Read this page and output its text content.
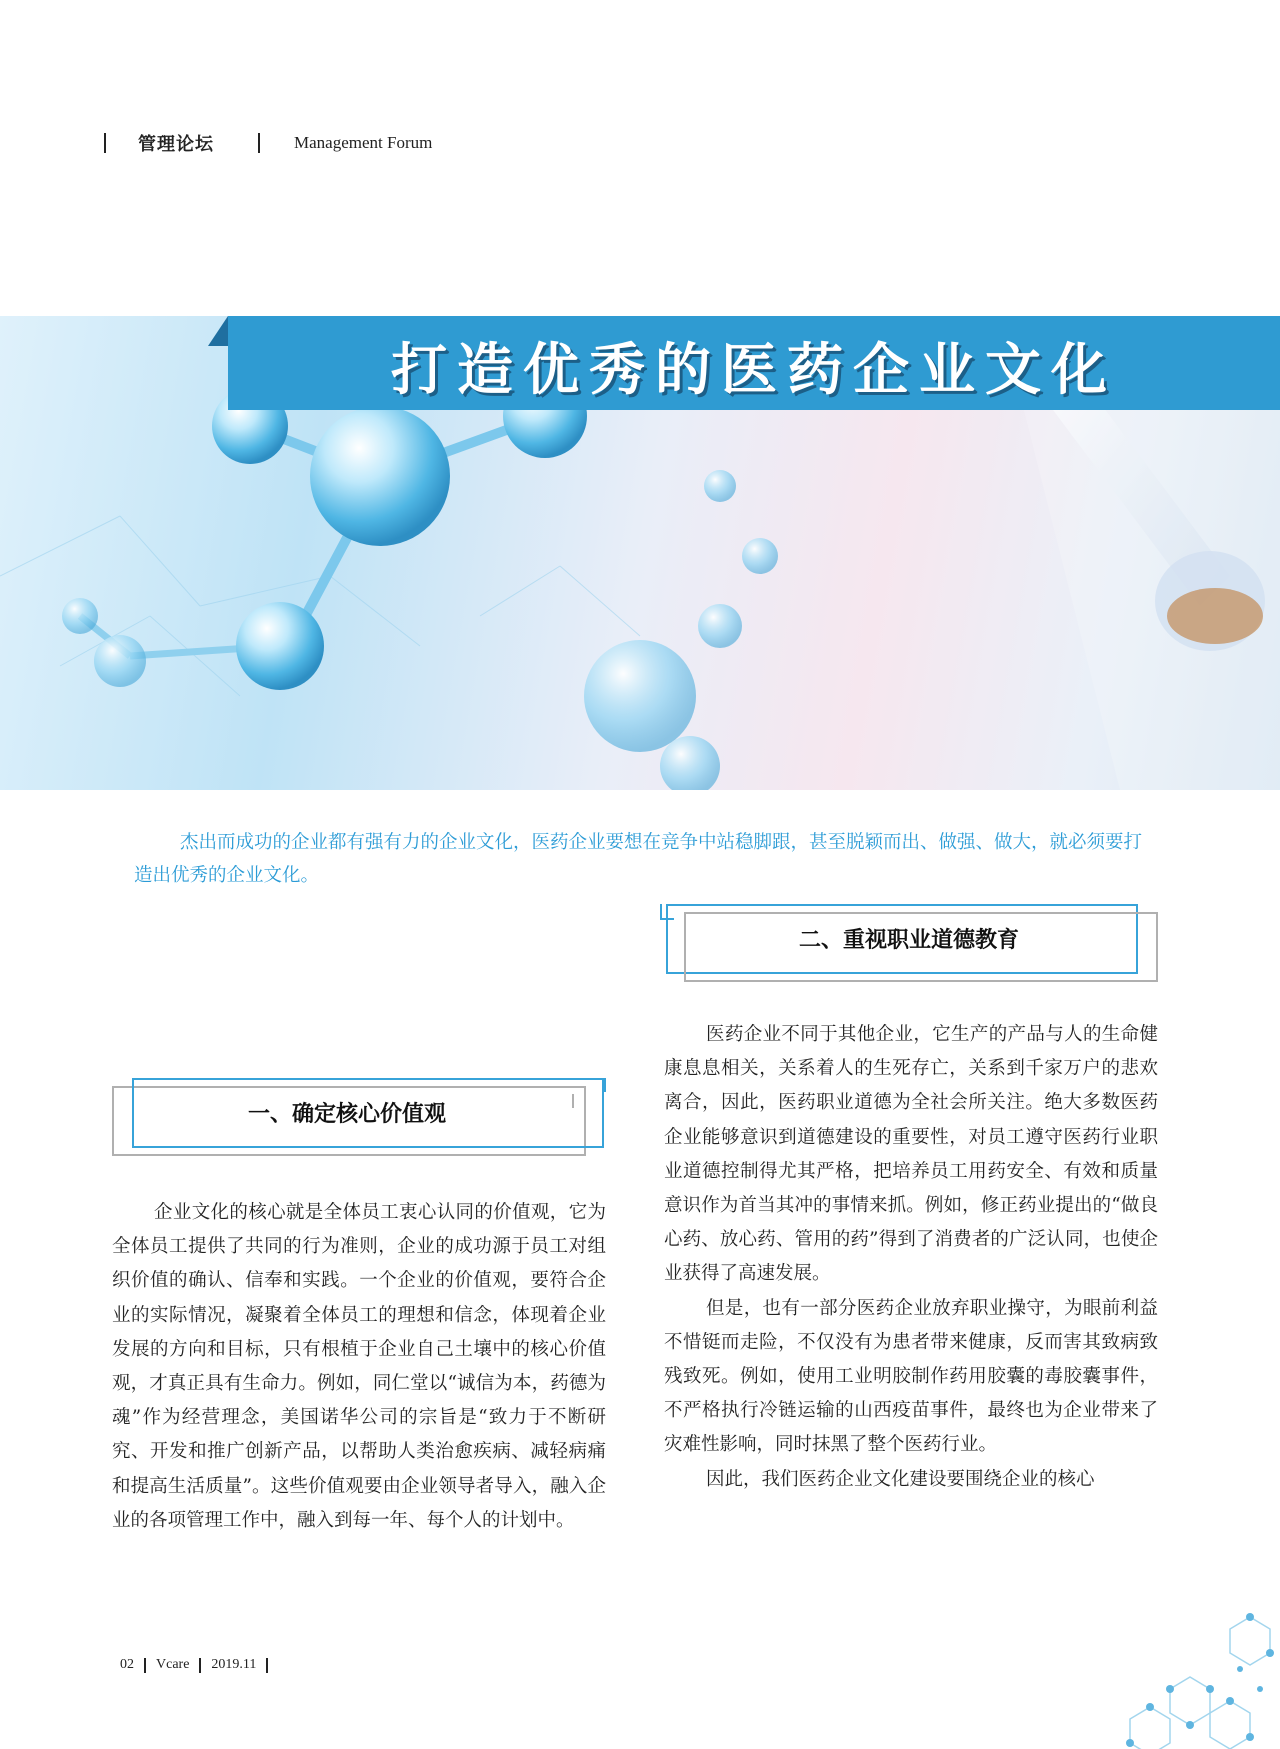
管理论坛	Management Forum
打造优秀的医药企业文化
杰出而成功的企业都有强有力的企业文化，医药企业要想在竞争中站稳脚跟，甚至脱颖而出、做强、做大，就必须要打造出优秀的企业文化。
二、重视职业道德教育
一、确定核心价值观

企业文化的核心就是全体员工衷心认同的价值观，它为全体员工提供了共同的行为准则，企业的成功源于员工对组织价值的确认、信奉和实践。一个企业的价值观，要符合企业的实际情况，凝聚着全体员工的理想和信念，体现着企业发展的方向和目标，只有根植于企业自己土壤中的核心价值观，才真正具有生命力。例如，同仁堂以“诚信为本，药德为魂”作为经营理念，美国诺华公司的宗旨是“致力于不断研究、开发和推广创新产品，以帮助人类治愈疾病、减轻病痛和提高生活质量”。这些价值观要由企业领导者导入，融入企业的各项管理工作中，融入到每一年、每个人的计划中。

医药企业不同于其他企业，它生产的产品与人的生命健康息息相关，关系着人的生死存亡，关系到千家万户的悲欢离合，因此，医药职业道德为全社会所关注。绝大多数医药企业能够意识到道德建设的重要性，对员工遵守医药行业职业道德控制得尤其严格，把培养员工用药安全、有效和质量意识作为首当其冲的事情来抓。例如，修正药业提出的“做良心药、放心药、管用的药”得到了消费者的广泛认同，也使企业获得了高速发展。

但是，也有一部分医药企业放弃职业操守，为眼前利益不惜铤而走险，不仅没有为患者带来健康，反而害其致病致残致死。例如，使用工业明胶制作药用胶囊的毒胶囊事件，不严格执行冷链运输的山西疫苗事件，最终也为企业带来了灾难性影响，同时抹黑了整个医药行业。

因此，我们医药企业文化建设要围绕企业的核心

02 Vcare 2019.11
